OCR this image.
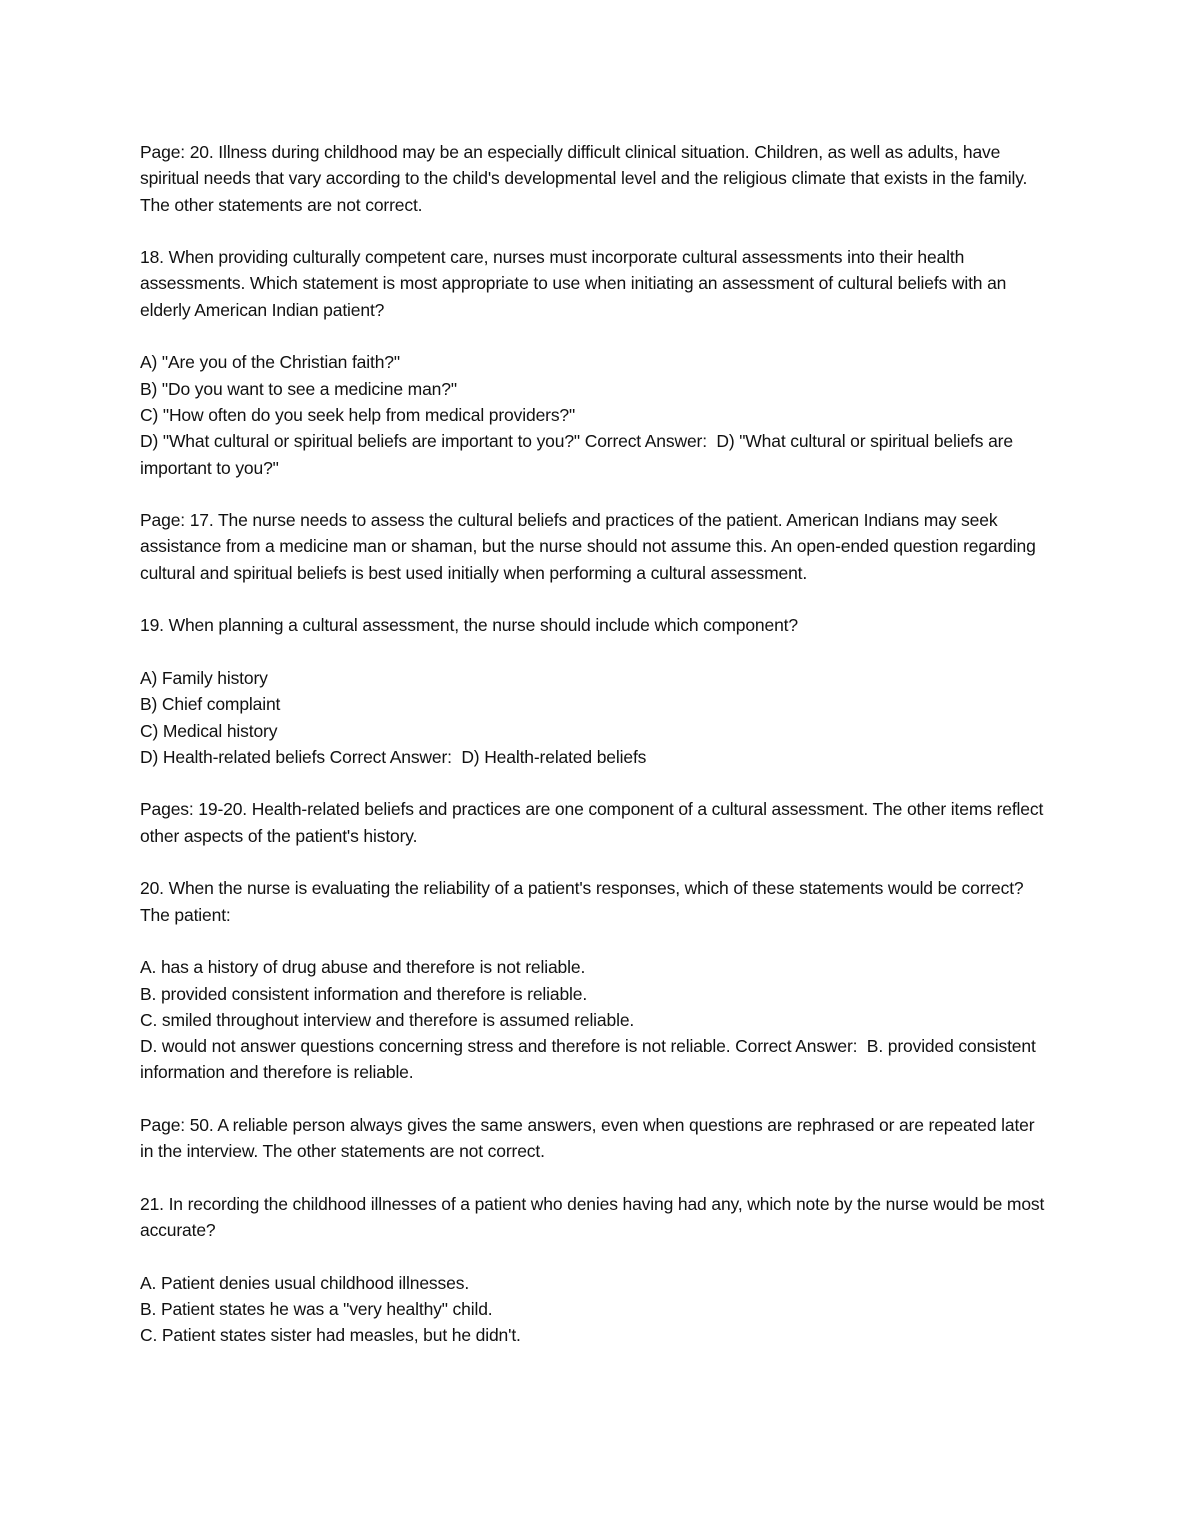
Page: 20. Illness during childhood may be an especially difficult clinical situation. Children, as well as adults, have spiritual needs that vary according to the child's developmental level and the religious climate that exists in the family. The other statements are not correct.

18. When providing culturally competent care, nurses must incorporate cultural assessments into their health assessments. Which statement is most appropriate to use when initiating an assessment of cultural beliefs with an elderly American Indian patient?

A) "Are you of the Christian faith?"

B) "Do you want to see a medicine man?"

C) "How often do you seek help from medical providers?"

D) "What cultural or spiritual beliefs are important to you?" Correct Answer:  D) "What cultural or spiritual beliefs are important to you?"

Page: 17. The nurse needs to assess the cultural beliefs and practices of the patient. American Indians may seek assistance from a medicine man or shaman, but the nurse should not assume this. An open-ended question regarding cultural and spiritual beliefs is best used initially when performing a cultural assessment.

19. When planning a cultural assessment, the nurse should include which component?

A) Family history

B) Chief complaint

C) Medical history

D) Health-related beliefs Correct Answer:  D) Health-related beliefs

Pages: 19-20. Health-related beliefs and practices are one component of a cultural assessment. The other items reflect other aspects of the patient's history.

20. When the nurse is evaluating the reliability of a patient's responses, which of these statements would be correct? The patient:

A. has a history of drug abuse and therefore is not reliable.

B. provided consistent information and therefore is reliable.

C. smiled throughout interview and therefore is assumed reliable.

D. would not answer questions concerning stress and therefore is not reliable. Correct Answer:  B. provided consistent information and therefore is reliable.

Page: 50. A reliable person always gives the same answers, even when questions are rephrased or are repeated later in the interview. The other statements are not correct.

21. In recording the childhood illnesses of a patient who denies having had any, which note by the nurse would be most accurate?

A. Patient denies usual childhood illnesses.

B. Patient states he was a "very healthy" child.

C. Patient states sister had measles, but he didn't.
